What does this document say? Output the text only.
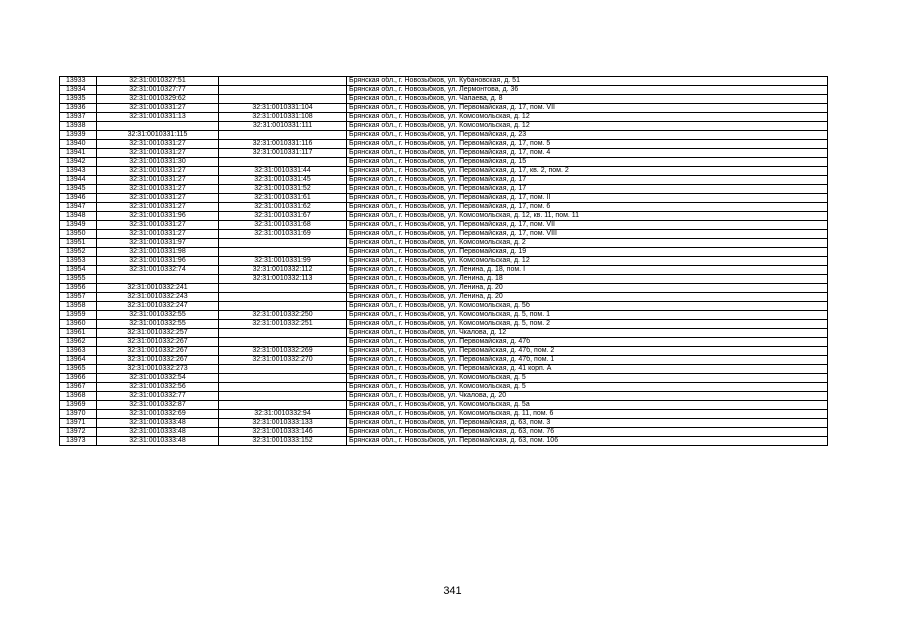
13933	32:31:0010327:51		Брянская обл., г. Новозыбков, ул. Кубановская, д. 51
13934	32:31:0010327:77		Брянская обл., г. Новозыбков, ул. Лермонтова, д. 36
13935	32:31:0010329:62		Брянская обл., г. Новозыбков, ул. Чапаева, д. 8
13936	32:31:0010331:27	32:31:0010331:104	Брянская обл., г. Новозыбков, ул. Первомайская, д. 17, пом. VII
13937	32:31:0010331:13	32:31:0010331:108	Брянская обл., г. Новозыбков, ул. Комсомольская, д. 12
13938		32:31:0010331:111	Брянская обл., г. Новозыбков, ул. Комсомольская, д. 12
13939	32:31:0010331:115		Брянская обл., г. Новозыбков, ул. Первомайская, д. 23
13940	32:31:0010331:27	32:31:0010331:116	Брянская обл., г. Новозыбков, ул. Первомайская, д. 17, пом. 5
13941	32:31:0010331:27	32:31:0010331:117	Брянская обл., г. Новозыбков, ул. Первомайская, д. 17, пом. 4
13942	32:31:0010331:30		Брянская обл., г. Новозыбков, ул. Первомайская, д. 15
13943	32:31:0010331:27	32:31:0010331:44	Брянская обл., г. Новозыбков, ул. Первомайская, д. 17, кв. 2, пом. 2
13944	32:31:0010331:27	32:31:0010331:45	Брянская обл., г. Новозыбков, ул. Первомайская, д. 17
13945	32:31:0010331:27	32:31:0010331:52	Брянская обл., г. Новозыбков, ул. Первомайская, д. 17
13946	32:31:0010331:27	32:31:0010331:61	Брянская обл., г. Новозыбков, ул. Первомайская, д. 17, пом. II
13947	32:31:0010331:27	32:31:0010331:62	Брянская обл., г. Новозыбков, ул. Первомайская, д. 17, пом. 6
13948	32:31:0010331:96	32:31:0010331:67	Брянская обл., г. Новозыбков, ул. Комсомольская, д. 12, кв. 11, пом. 11
13949	32:31:0010331:27	32:31:0010331:68	Брянская обл., г. Новозыбков, ул. Первомайская, д. 17, пом. VII
13950	32:31:0010331:27	32:31:0010331:69	Брянская обл., г. Новозыбков, ул. Первомайская, д. 17, пом. VIII
13951	32:31:0010331:97		Брянская обл., г. Новозыбков, ул. Комсомольская, д. 2
13952	32:31:0010331:98		Брянская обл., г. Новозыбков, ул. Первомайская, д. 19
13953	32:31:0010331:96	32:31:0010331:99	Брянская обл., г. Новозыбков, ул. Комсомольская, д. 12
13954	32:31:0010332:74	32:31:0010332:112	Брянская обл., г. Новозыбков, ул. Ленина, д. 18, пом. I
13955		32:31:0010332:113	Брянская обл., г. Новозыбков, ул. Ленина, д. 18
13956	32:31:0010332:241		Брянская обл., г. Новозыбков, ул. Ленина, д. 20
13957	32:31:0010332:243		Брянская обл., г. Новозыбков, ул. Ленина, д. 20
13958	32:31:0010332:247		Брянская обл., г. Новозыбков, ул. Комсомольская, д. 5б
13959	32:31:0010332:55	32:31:0010332:250	Брянская обл., г. Новозыбков, ул. Комсомольская, д. 5, пом. 1
13960	32:31:0010332:55	32:31:0010332:251	Брянская обл., г. Новозыбков, ул. Комсомольская, д. 5, пом. 2
13961	32:31:0010332:257		Брянская обл., г. Новозыбков, ул. Чкалова, д. 12
13962	32:31:0010332:267		Брянская обл., г. Новозыбков, ул. Первомайская, д. 47б
13963	32:31:0010332:267	32:31:0010332:269	Брянская обл., г. Новозыбков, ул. Первомайская, д. 47б, пом. 2
13964	32:31:0010332:267	32:31:0010332:270	Брянская обл., г. Новозыбков, ул. Первомайская, д. 47б, пом. 1
13965	32:31:0010332:273		Брянская обл., г. Новозыбков, ул. Первомайская, д. 41 корп. А
13966	32:31:0010332:54		Брянская обл., г. Новозыбков, ул. Комсомольская, д. 5
13967	32:31:0010332:56		Брянская обл., г. Новозыбков, ул. Комсомольская, д. 5
13968	32:31:0010332:77		Брянская обл., г. Новозыбков, ул. Чкалова, д. 20
13969	32:31:0010332:87		Брянская обл., г. Новозыбков, ул. Комсомольская, д. 5а
13970	32:31:0010332:69	32:31:0010332:94	Брянская обл., г. Новозыбков, ул. Комсомольская, д. 11, пом. 6
13971	32:31:0010333:48	32:31:0010333:133	Брянская обл., г. Новозыбков, ул. Первомайская, д. 63, пом. 3
13972	32:31:0010333:48	32:31:0010333:146	Брянская обл., г. Новозыбков, ул. Первомайская, д. 63, пом. 76
13973	32:31:0010333:48	32:31:0010333:152	Брянская обл., г. Новозыбков, ул. Первомайская, д. 63, пом. 106
341
